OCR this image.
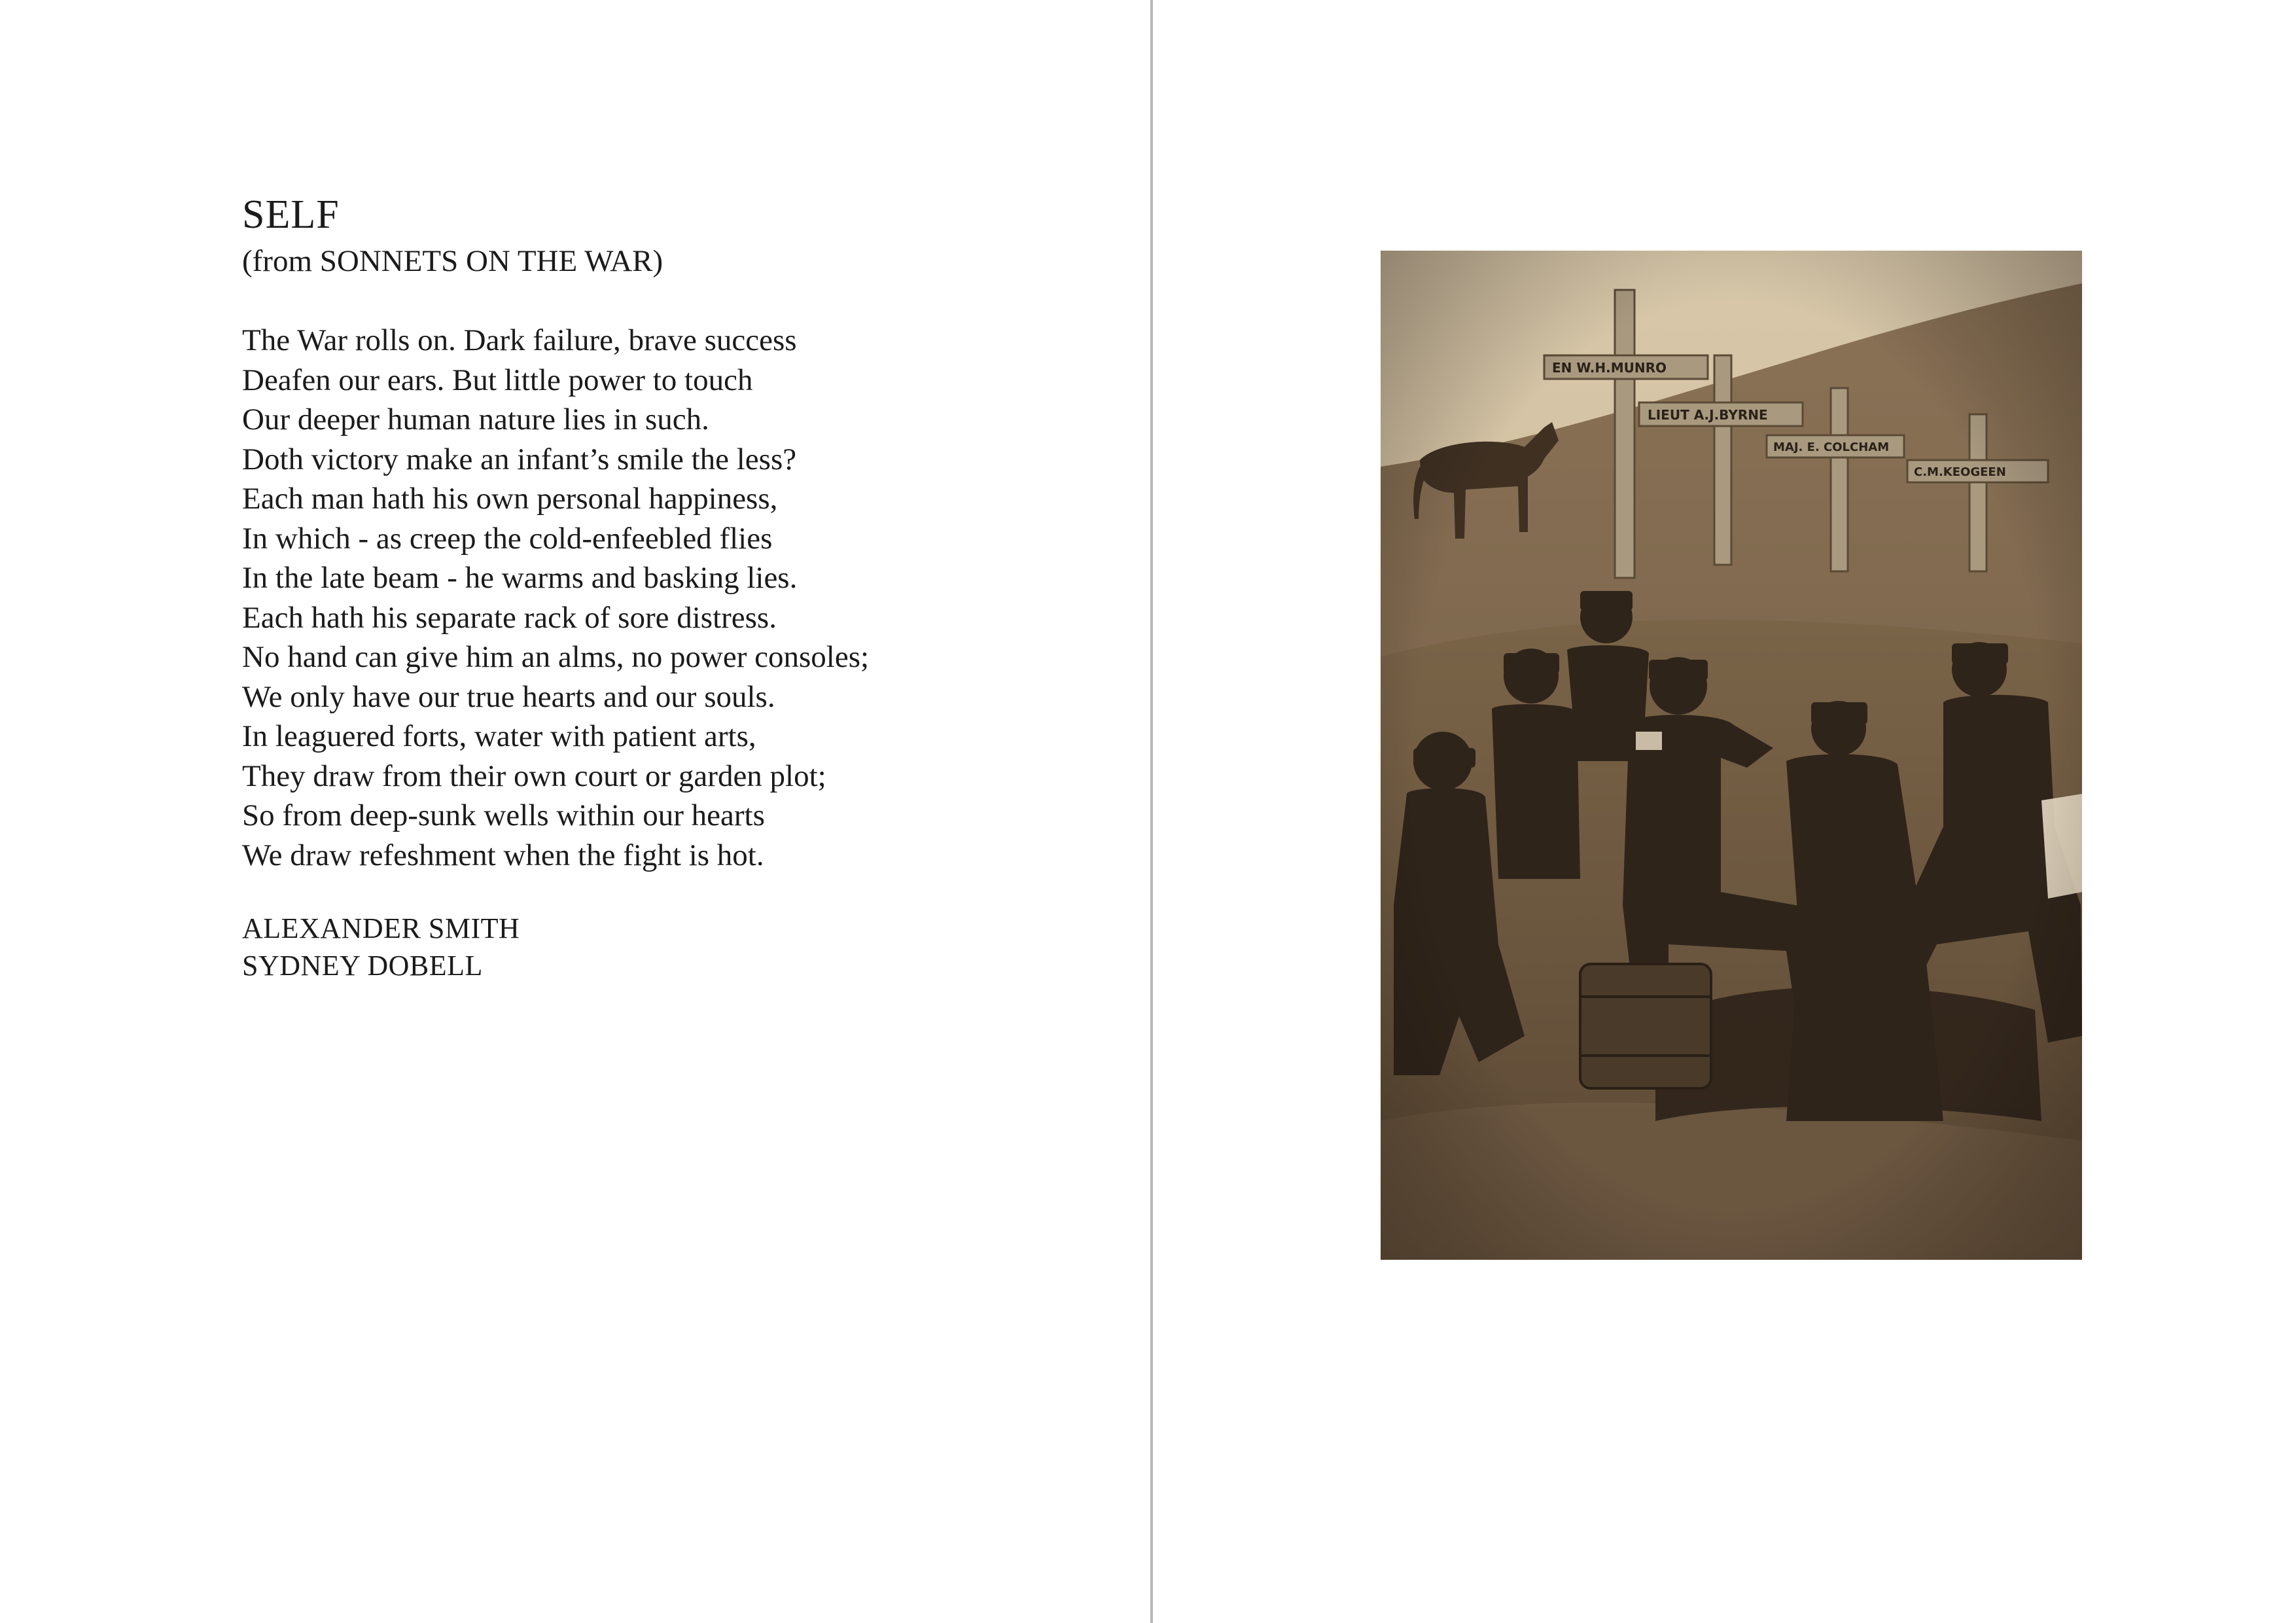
SELF
(from SONNETS ON THE WAR)
The War rolls on. Dark failure, brave success
Deafen our ears. But little power to touch
Our deeper human nature lies in such.
Doth victory make an infant’s smile the less?
Each man hath his own personal happiness,
In which - as creep the cold-enfeebled flies
In the late beam - he warms and basking lies.
Each hath his separate rack of sore distress.
No hand can give him an alms, no power consoles;
We only have our true hearts and our souls.
In leaguered forts, water with patient arts,
They draw from their own court or garden plot;
So from deep-sunk wells within our hearts
We draw refeshment when the fight is hot.
ALEXANDER SMITH
SYDNEY DOBELL
